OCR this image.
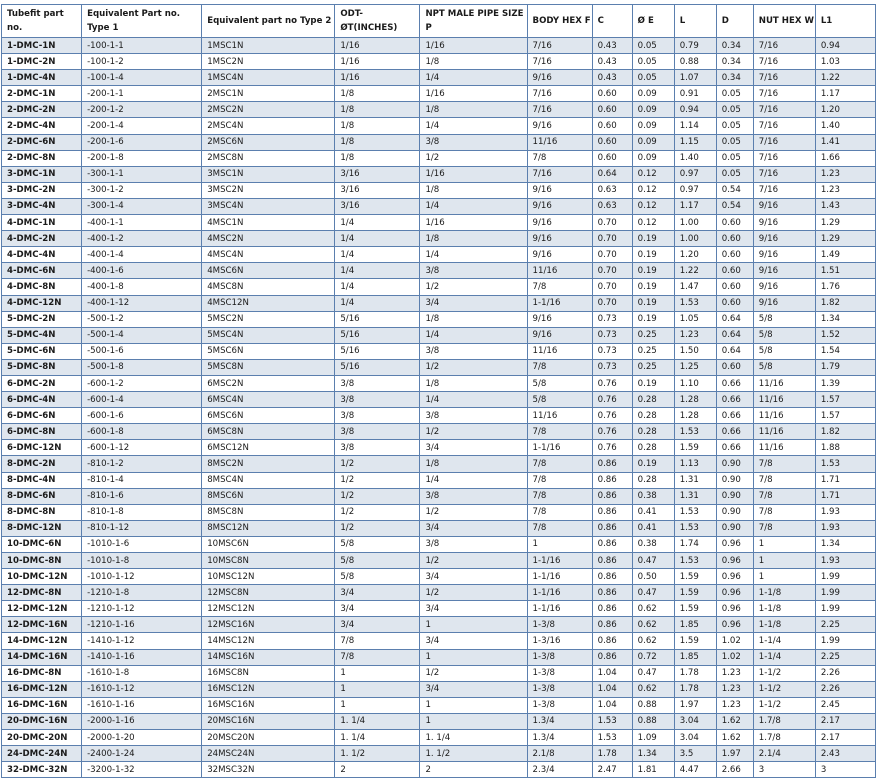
Tubefit part no.	Equivalent Part no. Type 1	Equivalent part no Type 2	ODT-ØT(INCHES)	NPT MALE PIPE SIZE P	BODY HEX F	C	Ø E	L	D	NUT HEX W	L1
1-DMC-1N	-100-1-1	1MSC1N	1/16	1/16	7/16	0.43	0.05	0.79	0.34	7/16	0.94
1-DMC-2N	-100-1-2	1MSC2N	1/16	1/8	7/16	0.43	0.05	0.88	0.34	7/16	1.03
1-DMC-4N	-100-1-4	1MSC4N	1/16	1/4	9/16	0.43	0.05	1.07	0.34	7/16	1.22
2-DMC-1N	-200-1-1	2MSC1N	1/8	1/16	7/16	0.60	0.09	0.91	0.05	7/16	1.17
2-DMC-2N	-200-1-2	2MSC2N	1/8	1/8	7/16	0.60	0.09	0.94	0.05	7/16	1.20
2-DMC-4N	-200-1-4	2MSC4N	1/8	1/4	9/16	0.60	0.09	1.14	0.05	7/16	1.40
2-DMC-6N	-200-1-6	2MSC6N	1/8	3/8	11/16	0.60	0.09	1.15	0.05	7/16	1.41
2-DMC-8N	-200-1-8	2MSC8N	1/8	1/2	7/8	0.60	0.09	1.40	0.05	7/16	1.66
3-DMC-1N	-300-1-1	3MSC1N	3/16	1/16	7/16	0.64	0.12	0.97	0.05	7/16	1.23
3-DMC-2N	-300-1-2	3MSC2N	3/16	1/8	9/16	0.63	0.12	0.97	0.54	7/16	1.23
3-DMC-4N	-300-1-4	3MSC4N	3/16	1/4	9/16	0.63	0.12	1.17	0.54	9/16	1.43
4-DMC-1N	-400-1-1	4MSC1N	1/4	1/16	9/16	0.70	0.12	1.00	0.60	9/16	1.29
4-DMC-2N	-400-1-2	4MSC2N	1/4	1/8	9/16	0.70	0.19	1.00	0.60	9/16	1.29
4-DMC-4N	-400-1-4	4MSC4N	1/4	1/4	9/16	0.70	0.19	1.20	0.60	9/16	1.49
4-DMC-6N	-400-1-6	4MSC6N	1/4	3/8	11/16	0.70	0.19	1.22	0.60	9/16	1.51
4-DMC-8N	-400-1-8	4MSC8N	1/4	1/2	7/8	0.70	0.19	1.47	0.60	9/16	1.76
4-DMC-12N	-400-1-12	4MSC12N	1/4	3/4	1-1/16	0.70	0.19	1.53	0.60	9/16	1.82
5-DMC-2N	-500-1-2	5MSC2N	5/16	1/8	9/16	0.73	0.19	1.05	0.64	5/8	1.34
5-DMC-4N	-500-1-4	5MSC4N	5/16	1/4	9/16	0.73	0.25	1.23	0.64	5/8	1.52
5-DMC-6N	-500-1-6	5MSC6N	5/16	3/8	11/16	0.73	0.25	1.50	0.64	5/8	1.54
5-DMC-8N	-500-1-8	5MSC8N	5/16	1/2	7/8	0.73	0.25	1.25	0.60	5/8	1.79
6-DMC-2N	-600-1-2	6MSC2N	3/8	1/8	5/8	0.76	0.19	1.10	0.66	11/16	1.39
6-DMC-4N	-600-1-4	6MSC4N	3/8	1/4	5/8	0.76	0.28	1.28	0.66	11/16	1.57
6-DMC-6N	-600-1-6	6MSC6N	3/8	3/8	11/16	0.76	0.28	1.28	0.66	11/16	1.57
6-DMC-8N	-600-1-8	6MSC8N	3/8	1/2	7/8	0.76	0.28	1.53	0.66	11/16	1.82
6-DMC-12N	-600-1-12	6MSC12N	3/8	3/4	1-1/16	0.76	0.28	1.59	0.66	11/16	1.88
8-DMC-2N	-810-1-2	8MSC2N	1/2	1/8	7/8	0.86	0.19	1.13	0.90	7/8	1.53
8-DMC-4N	-810-1-4	8MSC4N	1/2	1/4	7/8	0.86	0.28	1.31	0.90	7/8	1.71
8-DMC-6N	-810-1-6	8MSC6N	1/2	3/8	7/8	0.86	0.38	1.31	0.90	7/8	1.71
8-DMC-8N	-810-1-8	8MSC8N	1/2	1/2	7/8	0.86	0.41	1.53	0.90	7/8	1.93
8-DMC-12N	-810-1-12	8MSC12N	1/2	3/4	7/8	0.86	0.41	1.53	0.90	7/8	1.93
10-DMC-6N	-1010-1-6	10MSC6N	5/8	3/8	1	0.86	0.38	1.74	0.96	1	1.34
10-DMC-8N	-1010-1-8	10MSC8N	5/8	1/2	1-1/16	0.86	0.47	1.53	0.96	1	1.93
10-DMC-12N	-1010-1-12	10MSC12N	5/8	3/4	1-1/16	0.86	0.50	1.59	0.96	1	1.99
12-DMC-8N	-1210-1-8	12MSC8N	3/4	1/2	1-1/16	0.86	0.47	1.59	0.96	1-1/8	1.99
12-DMC-12N	-1210-1-12	12MSC12N	3/4	3/4	1-1/16	0.86	0.62	1.59	0.96	1-1/8	1.99
12-DMC-16N	-1210-1-16	12MSC16N	3/4	1	1-3/8	0.86	0.62	1.85	0.96	1-1/8	2.25
14-DMC-12N	-1410-1-12	14MSC12N	7/8	3/4	1-3/16	0.86	0.62	1.59	1.02	1-1/4	1.99
14-DMC-16N	-1410-1-16	14MSC16N	7/8	1	1-3/8	0.86	0.72	1.85	1.02	1-1/4	2.25
16-DMC-8N	-1610-1-8	16MSC8N	1	1/2	1-3/8	1.04	0.47	1.78	1.23	1-1/2	2.26
16-DMC-12N	-1610-1-12	16MSC12N	1	3/4	1-3/8	1.04	0.62	1.78	1.23	1-1/2	2.26
16-DMC-16N	-1610-1-16	16MSC16N	1	1	1-3/8	1.04	0.88	1.97	1.23	1-1/2	2.45
20-DMC-16N	-2000-1-16	20MSC16N	1. 1/4	1	1.3/4	1.53	0.88	3.04	1.62	1.7/8	2.17
20-DMC-20N	-2000-1-20	20MSC20N	1. 1/4	1. 1/4	1.3/4	1.53	1.09	3.04	1.62	1.7/8	2.17
24-DMC-24N	-2400-1-24	24MSC24N	1. 1/2	1. 1/2	2.1/8	1.78	1.34	3.5	1.97	2.1/4	2.43
32-DMC-32N	-3200-1-32	32MSC32N	2	2	2.3/4	2.47	1.81	4.47	2.66	3	3
